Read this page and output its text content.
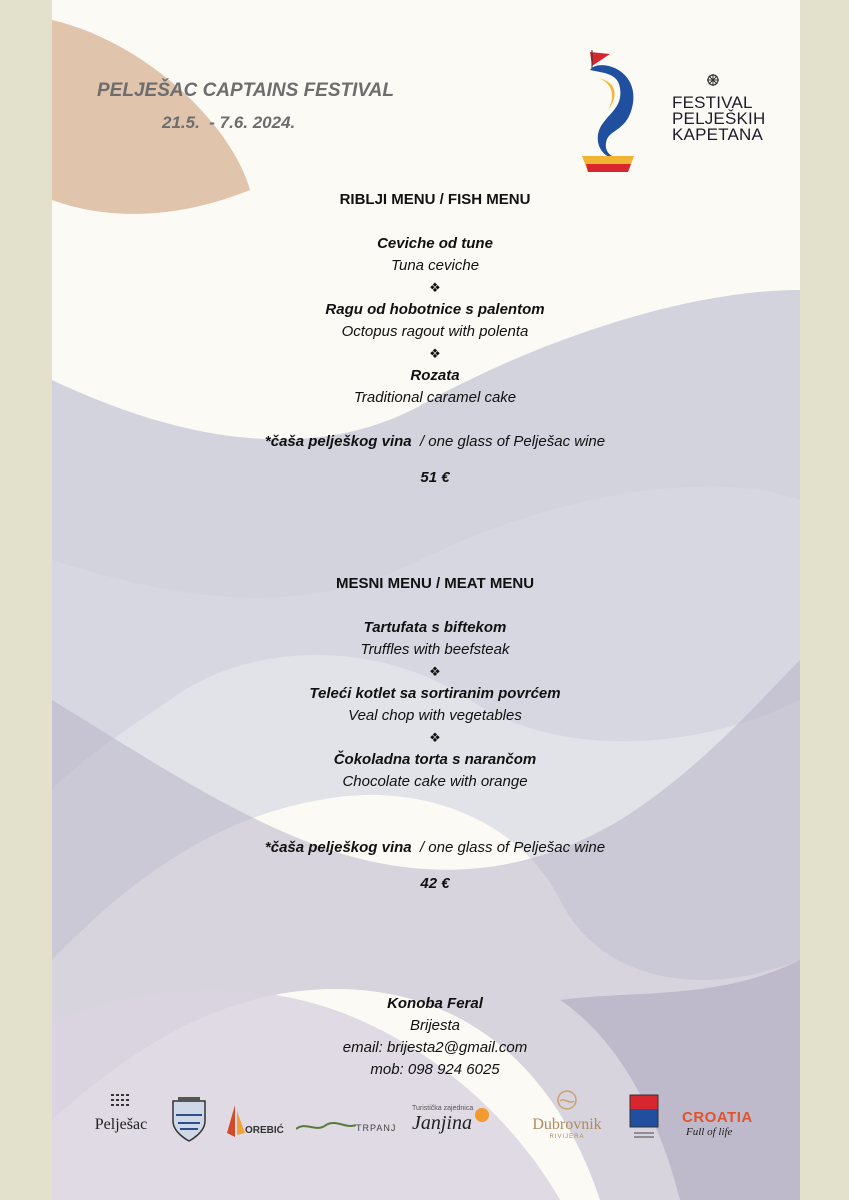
PELJEŠAC CAPTAINS FESTIVAL

21.5.  - 7.6. 2024.

FESTIVAL
PELJEŠKIH
KAPETANA
RIBLJI MENU / FISH MENU
Ceviche od tune
Tuna ceviche
❖
Ragu od hobotnice s palentom
Octopus ragout with polenta
❖
Rozata
Traditional caramel cake
*čaša pelješkog vina  / one glass of Pelješac wine
51 €
MESNI MENU / MEAT MENU
Tartufata s biftekom
Truffles with beefsteak
❖
Teleći kotlet sa sortiranim povrćem
Veal chop with vegetables
❖
Čokoladna torta s narančom
Chocolate cake with orange
*čaša pelješkog vina  / one glass of Pelješac wine
42 €
Konoba Feral
Brijesta
email: brijesta2@gmail.com
mob: 098 924 6025
Pelješac	OREBIĆ	TRPANJ
Turistička zajednica
Janjina	Dubrovnik
RIVIJERA
CROATIA
Full of life
